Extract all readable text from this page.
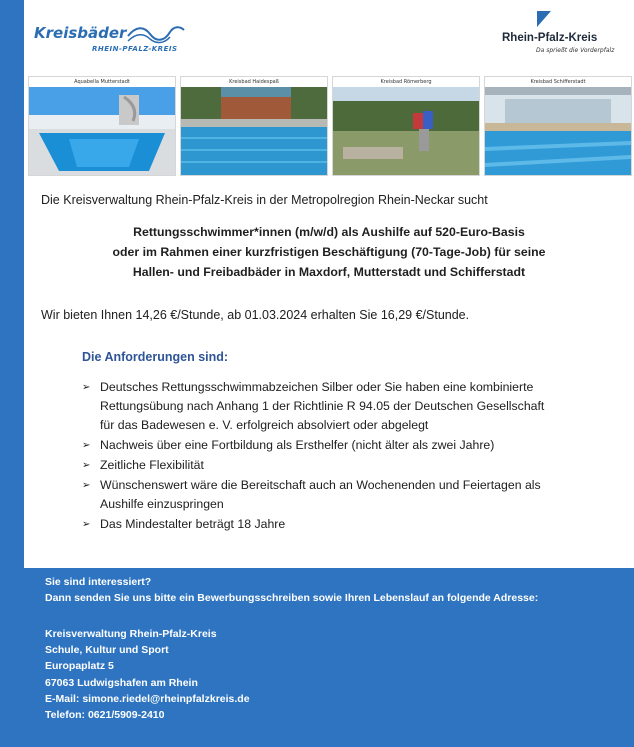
Kreisbäder
RHEIN-PFALZ-KREIS
Rhein-Pfalz-Kreis
Da sprießt die Vorderpfalz
Aquabella Mutterstadt	Kreisbad Haidespaß	Kreisbad Römerberg	Kreisbad Schifferstadt
Die Kreisverwaltung Rhein-Pfalz-Kreis in der Metropolregion Rhein-Neckar sucht
Rettungsschwimmer*innen (m/w/d) als Aushilfe auf 520-Euro-Basis
oder im Rahmen einer kurzfristigen Beschäftigung (70-Tage-Job) für seine
Hallen- und Freibadbäder in Maxdorf, Mutterstadt und Schifferstadt
Wir bieten Ihnen 14,26 €/Stunde, ab 01.03.2024 erhalten Sie 16,29 €/Stunde.
Die Anforderungen sind:
➢ Deutsches Rettungsschwimmabzeichen Silber oder Sie haben eine kombinierte
Rettungsübung nach Anhang 1 der Richtlinie R 94.05 der Deutschen Gesellschaft
für das Badewesen e. V. erfolgreich absolviert oder abgelegt
➢ Nachweis über eine Fortbildung als Ersthelfer (nicht älter als zwei Jahre)
➢ Zeitliche Flexibilität
➢ Wünschenswert wäre die Bereitschaft auch an Wochenenden und Feiertagen als
Aushilfe einzuspringen
➢ Das Mindestalter beträgt 18 Jahre
Sie sind interessiert?
Dann senden Sie uns bitte ein Bewerbungsschreiben sowie Ihren Lebenslauf an folgende Adresse:
Kreisverwaltung Rhein-Pfalz-Kreis
Schule, Kultur und Sport
Europaplatz 5
67063 Ludwigshafen am Rhein
E-Mail: simone.riedel@rheinpfalzkreis.de
Telefon: 0621/5909-2410
